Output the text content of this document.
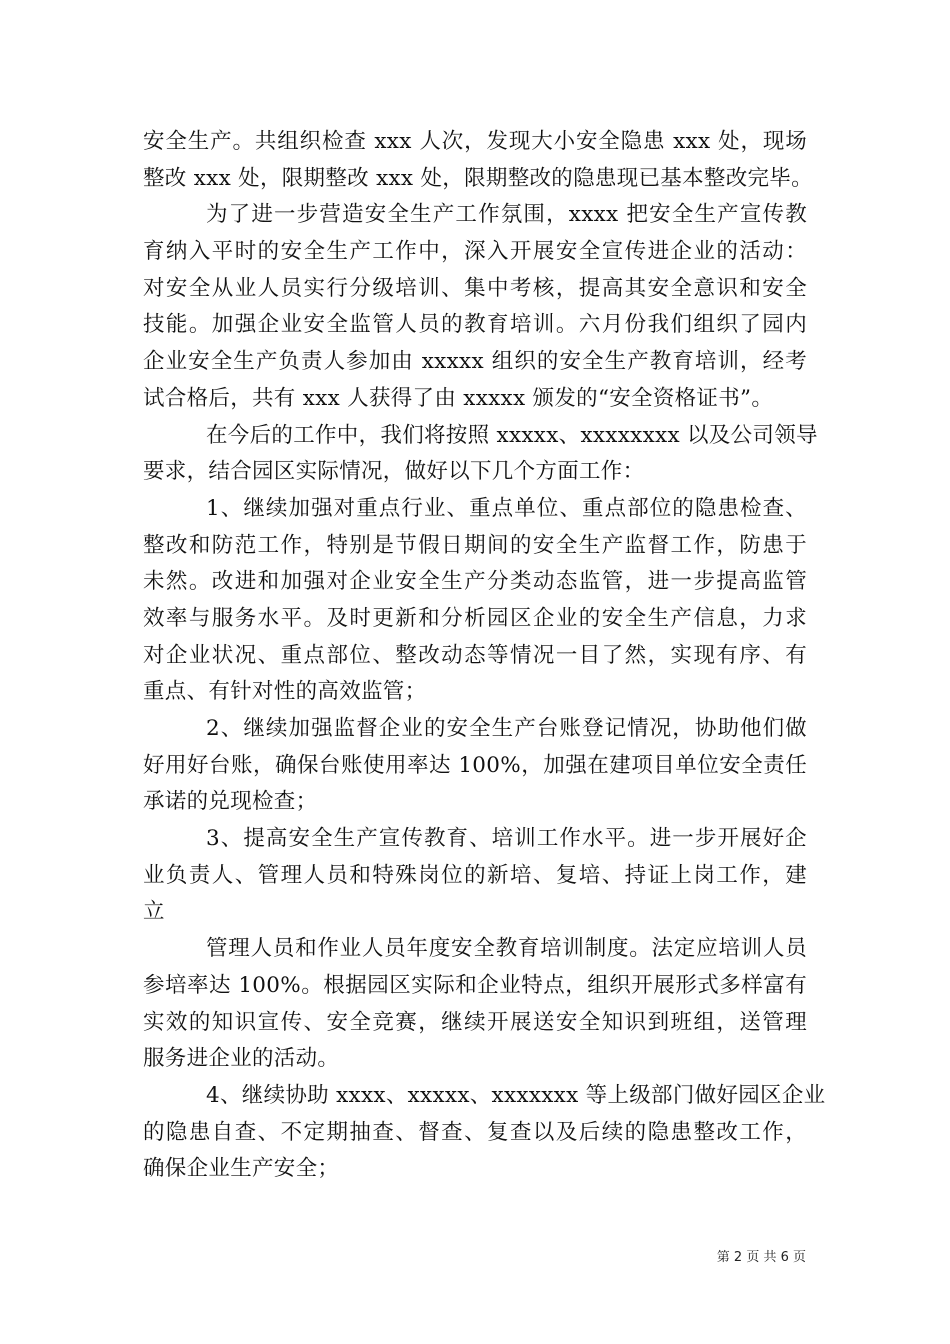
安全生产。共组织检查 xxx 人次，发现大小安全隐患 xxx 处，现场
整改 xxx 处，限期整改 xxx 处，限期整改的隐患现已基本整改完毕。
为了进一步营造安全生产工作氛围，xxxx 把安全生产宣传教
育纳入平时的安全生产工作中，深入开展安全宣传进企业的活动：
对安全从业人员实行分级培训、集中考核，提高其安全意识和安全
技能。加强企业安全监管人员的教育培训。六月份我们组织了园内
企业安全生产负责人参加由 xxxxx 组织的安全生产教育培训，经考
试合格后，共有 xxx 人获得了由 xxxxx 颁发的“安全资格证书”。
在今后的工作中，我们将按照 xxxxx、xxxxxxxx 以及公司领导
要求，结合园区实际情况，做好以下几个方面工作：
1、继续加强对重点行业、重点单位、重点部位的隐患检查、
整改和防范工作，特别是节假日期间的安全生产监督工作，防患于
未然。改进和加强对企业安全生产分类动态监管，进一步提高监管
效率与服务水平。及时更新和分析园区企业的安全生产信息，力求
对企业状况、重点部位、整改动态等情况一目了然，实现有序、有
重点、有针对性的高效监管；
2、继续加强监督企业的安全生产台账登记情况，协助他们做
好用好台账，确保台账使用率达 100%，加强在建项目单位安全责任
承诺的兑现检查；
3、提高安全生产宣传教育、培训工作水平。进一步开展好企
业负责人、管理人员和特殊岗位的新培、复培、持证上岗工作，建
立
管理人员和作业人员年度安全教育培训制度。法定应培训人员
参培率达 100%。根据园区实际和企业特点，组织开展形式多样富有
实效的知识宣传、安全竞赛，继续开展送安全知识到班组，送管理
服务进企业的活动。
4、继续协助 xxxx、xxxxx、xxxxxxx 等上级部门做好园区企业
的隐患自查、不定期抽查、督查、复查以及后续的隐患整改工作，
确保企业生产安全；
第 2 页 共 6 页
